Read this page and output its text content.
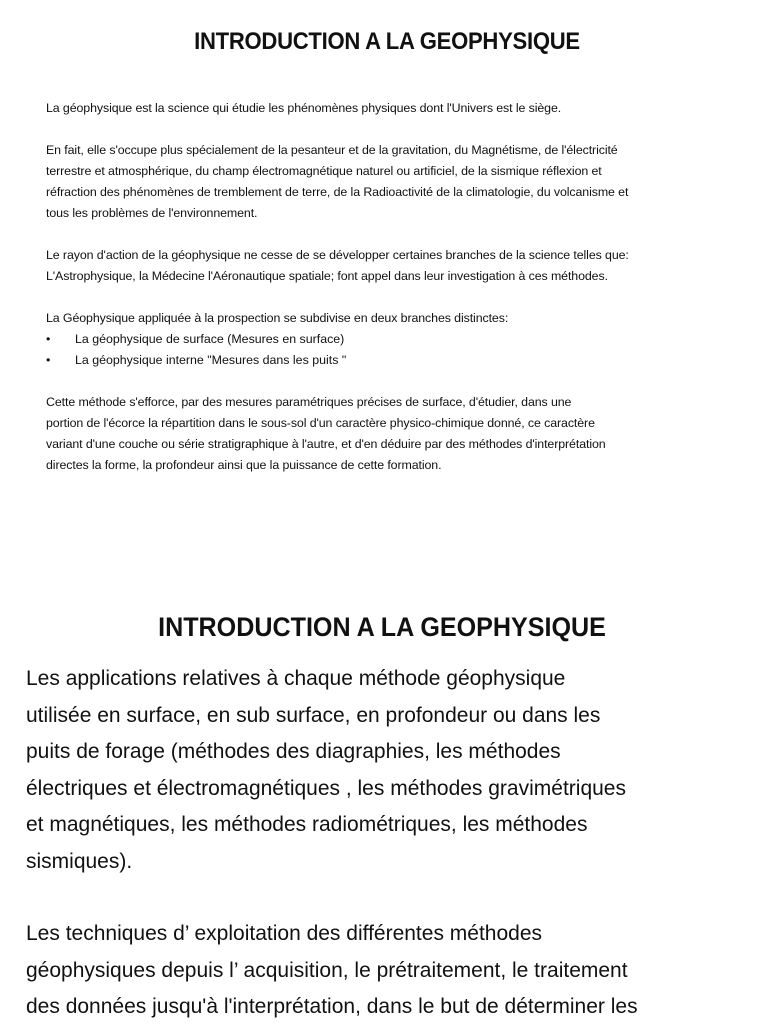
INTRODUCTION A LA GEOPHYSIQUE

La géophysique est la science qui étudie les phénomènes physiques dont l'Univers est le siège.

En fait, elle s'occupe plus spécialement de la pesanteur et de la gravitation, du Magnétisme, de l'électricité
terrestre et atmosphérique, du champ électromagnétique naturel ou artificiel, de la sismique réflexion et
réfraction des phénomènes de tremblement de terre, de la Radioactivité de la climatologie, du volcanisme et
tous les problèmes de l'environnement.

Le rayon d'action de la géophysique ne cesse de se développer certaines branches de la science telles que:
L'Astrophysique, la Médecine l'Aéronautique spatiale; font appel dans leur investigation à ces méthodes.

La Géophysique appliquée à la prospection se subdivise en deux branches distinctes:

• La géophysique de surface (Mesures en surface)
• La géophysique interne "Mesures dans les puits "

Cette méthode s'efforce, par des mesures paramétriques précises de surface, d'étudier, dans une
portion de l'écorce la répartition dans le sous-sol d'un caractère physico-chimique donné, ce caractère
variant d'une couche ou série stratigraphique à l'autre, et d'en déduire par des méthodes d'interprétation
directes la forme, la profondeur ainsi que la puissance de cette formation.

INTRODUCTION A LA GEOPHYSIQUE

Les applications relatives à chaque méthode géophysique
utilisée en surface, en sub surface, en profondeur ou dans les
puits de forage (méthodes des diagraphies, les méthodes
électriques et électromagnétiques , les méthodes gravimétriques
et magnétiques, les méthodes radiométriques, les méthodes
sismiques).

Les techniques d’ exploitation des différentes méthodes
géophysiques depuis l’ acquisition, le prétraitement, le traitement
des données jusqu'à l'interprétation, dans le but de déterminer les
